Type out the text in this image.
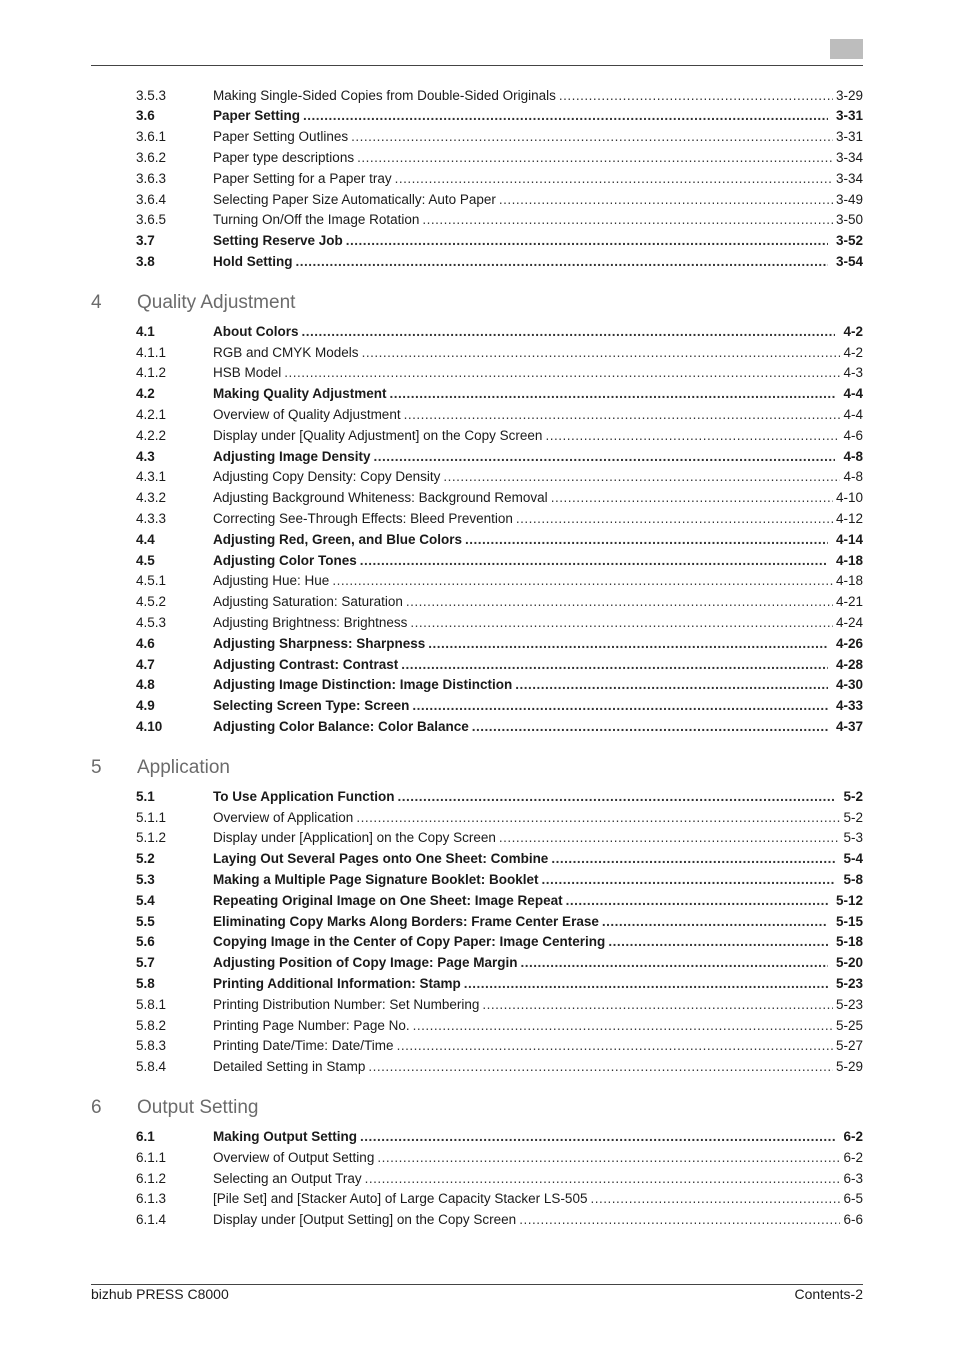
3.5.3	Making Single-Sided Copies from Double-Sided Originals .....	3-29
3.6	Paper Setting .....	3-31
3.6.1	Paper Setting Outlines .....	3-31
3.6.2	Paper type descriptions .....	3-34
3.6.3	Paper Setting for a Paper tray .....	3-34
3.6.4	Selecting Paper Size Automatically: Auto Paper .....	3-49
3.6.5	Turning On/Off the Image Rotation .....	3-50
3.7	Setting Reserve Job .....	3-52
3.8	Hold Setting .....	3-54
4	Quality Adjustment
4.1	About Colors .....	4-2
4.1.1	RGB and CMYK Models .....	4-2
4.1.2	HSB Model .....	4-3
4.2	Making Quality Adjustment .....	4-4
4.2.1	Overview of Quality Adjustment .....	4-4
4.2.2	Display under [Quality Adjustment] on the Copy Screen .....	4-6
4.3	Adjusting Image Density .....	4-8
4.3.1	Adjusting Copy Density: Copy Density .....	4-8
4.3.2	Adjusting Background Whiteness: Background Removal .....	4-10
4.3.3	Correcting See-Through Effects: Bleed Prevention .....	4-12
4.4	Adjusting Red, Green, and Blue Colors .....	4-14
4.5	Adjusting Color Tones .....	4-18
4.5.1	Adjusting Hue: Hue .....	4-18
4.5.2	Adjusting Saturation: Saturation .....	4-21
4.5.3	Adjusting Brightness: Brightness .....	4-24
4.6	Adjusting Sharpness: Sharpness .....	4-26
4.7	Adjusting Contrast: Contrast .....	4-28
4.8	Adjusting Image Distinction: Image Distinction .....	4-30
4.9	Selecting Screen Type: Screen .....	4-33
4.10	Adjusting Color Balance: Color Balance .....	4-37
5	Application
5.1	To Use Application Function .....	5-2
5.1.1	Overview of Application .....	5-2
5.1.2	Display under [Application] on the Copy Screen .....	5-3
5.2	Laying Out Several Pages onto One Sheet: Combine .....	5-4
5.3	Making a Multiple Page Signature Booklet: Booklet .....	5-8
5.4	Repeating Original Image on One Sheet: Image Repeat .....	5-12
5.5	Eliminating Copy Marks Along Borders: Frame Center Erase .....	5-15
5.6	Copying Image in the Center of Copy Paper: Image Centering .....	5-18
5.7	Adjusting Position of Copy Image: Page Margin .....	5-20
5.8	Printing Additional Information: Stamp .....	5-23
5.8.1	Printing Distribution Number: Set Numbering .....	5-23
5.8.2	Printing Page Number: Page No. .....	5-25
5.8.3	Printing Date/Time: Date/Time .....	5-27
5.8.4	Detailed Setting in Stamp .....	5-29
6	Output Setting
6.1	Making Output Setting .....	6-2
6.1.1	Overview of Output Setting .....	6-2
6.1.2	Selecting an Output Tray .....	6-3
6.1.3	[Pile Set] and [Stacker Auto] of Large Capacity Stacker LS-505 .....	6-5
6.1.4	Display under [Output Setting] on the Copy Screen .....	6-6
bizhub PRESS C8000	Contents-2
